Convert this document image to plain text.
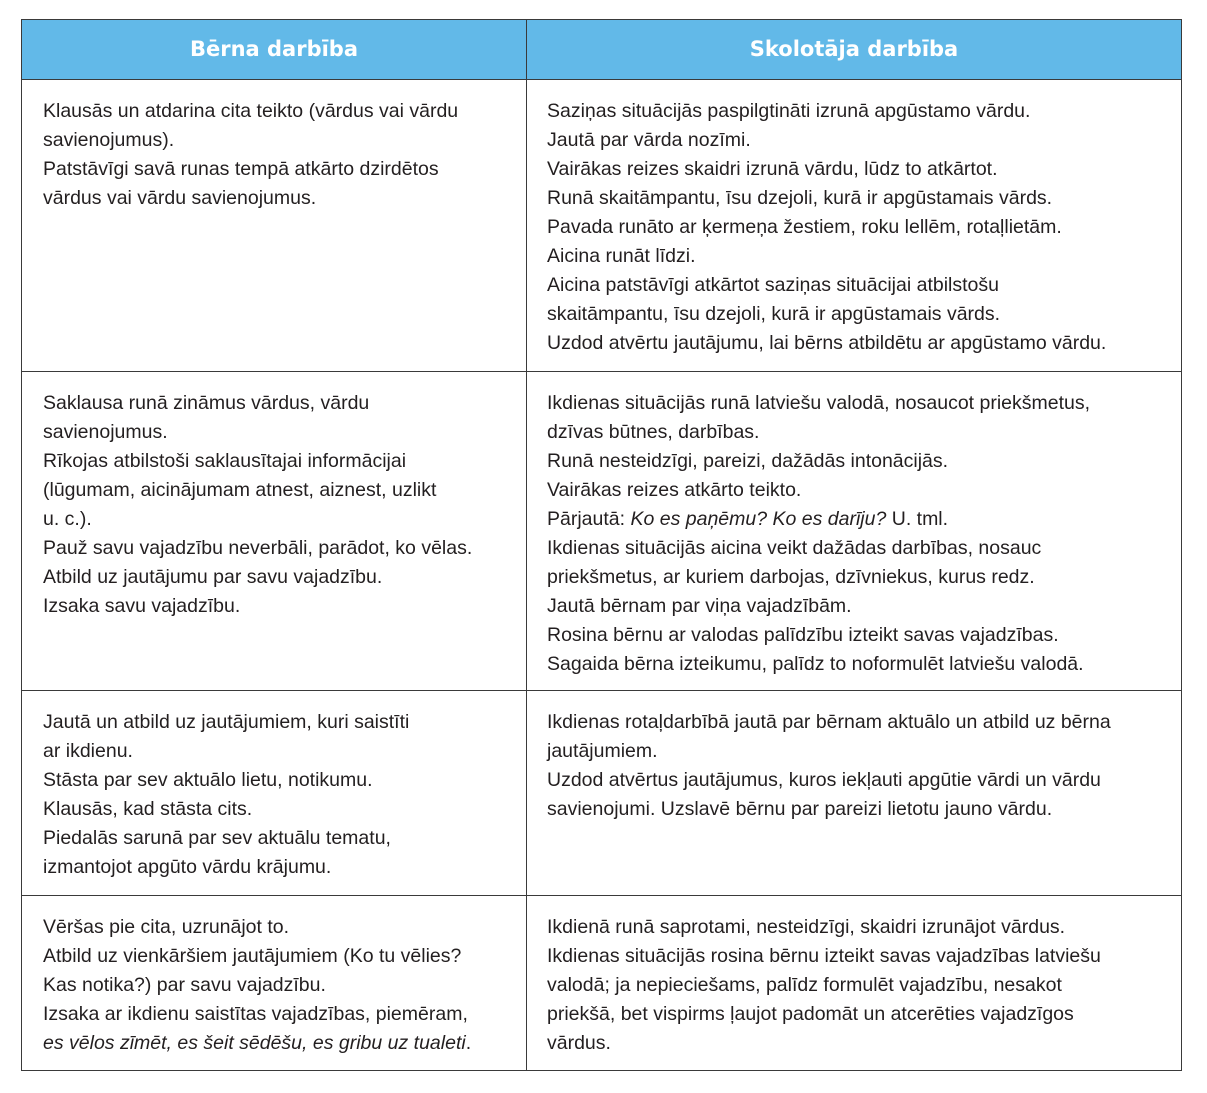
Bērna darbība	Skolotāja darbība
Klausās un atdarina cita teikto (vārdus vai vārdu
savienojumus).
Patstāvīgi savā runas tempā atkārto dzirdētos
vārdus vai vārdu savienojumus.
Saziņas situācijās paspilgtināti izrunā apgūstamo vārdu.
Jautā par vārda nozīmi.
Vairākas reizes skaidri izrunā vārdu, lūdz to atkārtot.
Runā skaitāmpantu, īsu dzejoli, kurā ir apgūstamais vārds.
Pavada runāto ar ķermeņa žestiem, roku lellēm, rotaļlietām.
Aicina runāt līdzi.
Aicina patstāvīgi atkārtot saziņas situācijai atbilstošu
skaitāmpantu, īsu dzejoli, kurā ir apgūstamais vārds.
Uzdod atvērtu jautājumu, lai bērns atbildētu ar apgūstamo vārdu.
Saklausa runā zināmus vārdus, vārdu
savienojumus.
Rīkojas atbilstoši saklausītajai informācijai
(lūgumam, aicinājumam atnest, aiznest, uzlikt
u. c.).
Pauž savu vajadzību neverbāli, parādot, ko vēlas.
Atbild uz jautājumu par savu vajadzību.
Izsaka savu vajadzību.
Ikdienas situācijās runā latviešu valodā, nosaucot priekšmetus,
dzīvas būtnes, darbības.
Runā nesteidzīgi, pareizi, dažādās intonācijās.
Vairākas reizes atkārto teikto.
Pārjautā: Ko es paņēmu? Ko es darīju? U. tml.
Ikdienas situācijās aicina veikt dažādas darbības, nosauc
priekšmetus, ar kuriem darbojas, dzīvniekus, kurus redz.
Jautā bērnam par viņa vajadzībām.
Rosina bērnu ar valodas palīdzību izteikt savas vajadzības.
Sagaida bērna izteikumu, palīdz to noformulēt latviešu valodā.
Jautā un atbild uz jautājumiem, kuri saistīti
ar ikdienu.
Stāsta par sev aktuālo lietu, notikumu.
Klausās, kad stāsta cits.
Piedalās sarunā par sev aktuālu tematu,
izmantojot apgūto vārdu krājumu.
Ikdienas rotaļdarbībā jautā par bērnam aktuālo un atbild uz bērna
jautājumiem.
Uzdod atvērtus jautājumus, kuros iekļauti apgūtie vārdi un vārdu
savienojumi. Uzslavē bērnu par pareizi lietotu jauno vārdu.
Vēršas pie cita, uzrunājot to.
Atbild uz vienkāršiem jautājumiem (Ko tu vēlies?
Kas notika?) par savu vajadzību.
Izsaka ar ikdienu saistītas vajadzības, piemēram,
es vēlos zīmēt, es šeit sēdēšu, es gribu uz tualeti.
Ikdienā runā saprotami, nesteidzīgi, skaidri izrunājot vārdus.
Ikdienas situācijās rosina bērnu izteikt savas vajadzības latviešu
valodā; ja nepieciešams, palīdz formulēt vajadzību, nesakot
priekšā, bet vispirms ļaujot padomāt un atcerēties vajadzīgos
vārdus.
